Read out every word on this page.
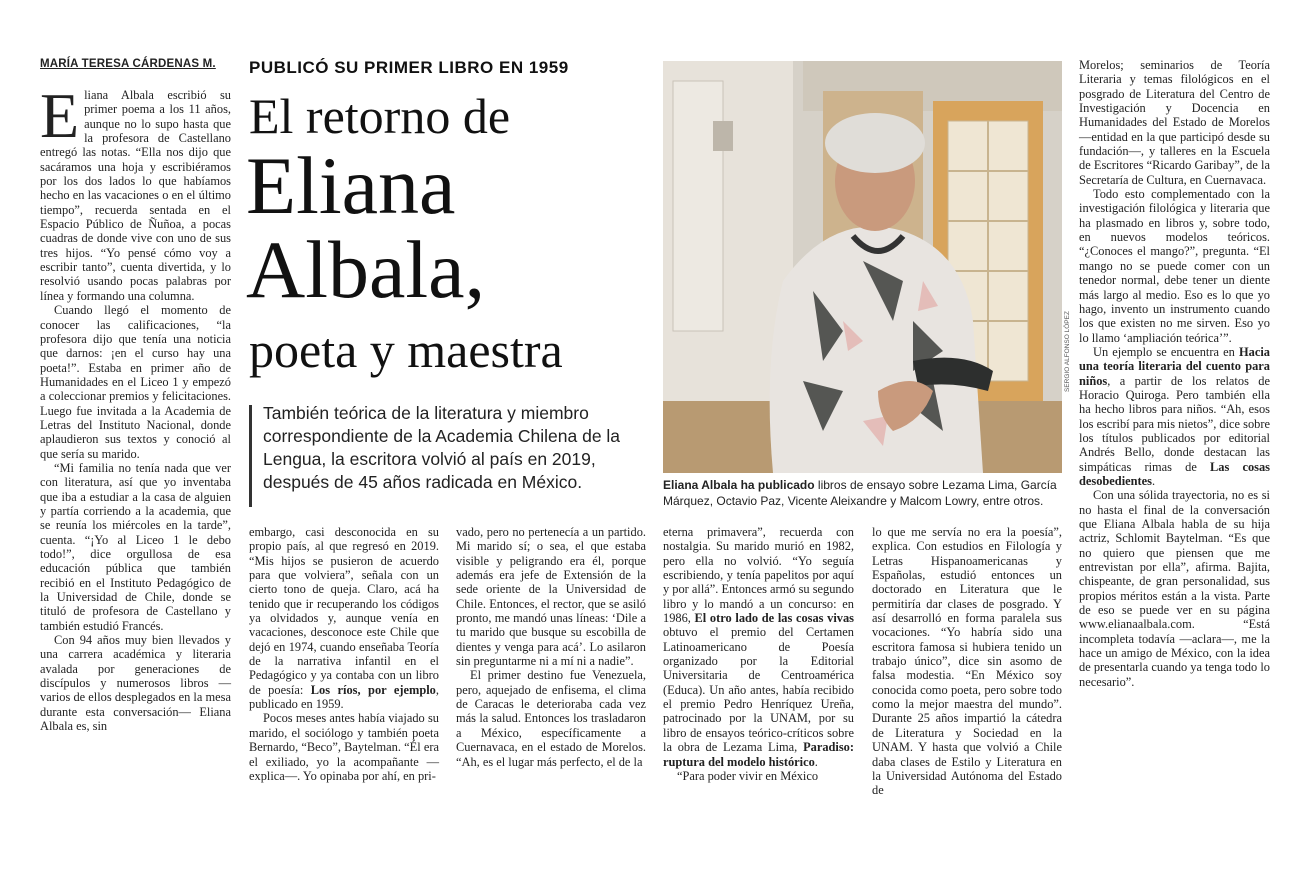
MARÍA TERESA CÁRDENAS M. PUBLICÓ SU PRIMER LIBRO EN 1959
El retorno de
Eliana
Albala,
poeta y maestra
También teórica de la literatura y miembro correspondiente de la Academia Chilena de la Lengua, la escritora volvió al país en 2019, después de 45 años radicada en México.

Eliana Albala escribió su primer poema a los 11 años, aunque no lo supo hasta que la profesora de Castellano entregó las notas. “Ella nos dijo que sacáramos una hoja y escribiéramos por los dos lados lo que habíamos hecho en las vacaciones o en el último tiempo”, recuerda sentada en el Espacio Público de Ñuñoa, a pocas cuadras de donde vive con uno de sus tres hijos. “Yo pensé cómo voy a escribir tanto”, cuenta divertida, y lo resolvió usando pocas palabras por línea y formando una columna.

Cuando llegó el momento de conocer las calificaciones, “la profesora dijo que tenía una noticia que darnos: ¡en el curso hay una poeta!”. Estaba en primer año de Humanidades en el Liceo 1 y empezó a coleccionar premios y felicitaciones. Luego fue invitada a la Academia de Letras del Instituto Nacional, donde aplaudieron sus textos y conoció al que sería su marido.

“Mi familia no tenía nada que ver con literatura, así que yo inventaba que iba a estudiar a la casa de alguien y partía corriendo a la academia, que se reunía los miércoles en la tarde”, cuenta. “¡Yo al Liceo 1 le debo todo!”, dice orgullosa de esa educación pública que también recibió en el Instituto Pedagógico de la Universidad de Chile, donde se tituló de profesora de Castellano y también estudió Francés.

Con 94 años muy bien llevados y una carrera académica y literaria avalada por generaciones de discípulos y numerosos libros —varios de ellos desplegados en la mesa durante esta conversación— Eliana Albala es, sin

embargo, casi desconocida en su propio país, al que regresó en 2019. “Mis hijos se pusieron de acuerdo para que volviera”, señala con un cierto tono de queja. Claro, acá ha tenido que ir recuperando los códigos ya olvidados y, aunque venía en vacaciones, desconoce este Chile que dejó en 1974, cuando enseñaba Teoría de la narrativa infantil en el Pedagógico y ya contaba con un libro de poesía: Los ríos, por ejemplo, publicado en 1959.

Pocos meses antes había viajado su marido, el sociólogo y también poeta Bernardo, “Beco”, Baytelman. “Él era el exiliado, yo la acompañante —explica—. Yo opinaba por ahí, en pri-

vado, pero no pertenecía a un partido. Mi marido sí; o sea, el que estaba visible y peligrando era él, porque además era jefe de Extensión de la sede oriente de la Universidad de Chile. Entonces, el rector, que se asiló pronto, me mandó unas líneas: ‘Dile a tu marido que busque su escobilla de dientes y venga para acá’. Lo asilaron sin preguntarme ni a mí ni a nadie”.

El primer destino fue Venezuela, pero, aquejado de enfisema, el clima de Caracas le deterioraba cada vez más la salud. Entonces los trasladaron a México, específicamente a Cuernavaca, en el estado de Morelos. “Ah, es el lugar más perfecto, el de la

SERGIO ALFONSO LÓPEZ
Eliana Albala ha publicado libros de ensayo sobre Lezama Lima, García Márquez, Octavio Paz, Vicente Aleixandre y Malcom Lowry, entre otros.

eterna primavera”, recuerda con nostalgia. Su marido murió en 1982, pero ella no volvió. “Yo seguía escribiendo, y tenía papelitos por aquí y por allá”. Entonces armó su segundo libro y lo mandó a un concurso: en 1986, El otro lado de las cosas vivas obtuvo el premio del Certamen Latinoamericano de Poesía organizado por la Editorial Universitaria de Centroamérica (Educa). Un año antes, había recibido el premio Pedro Henríquez Ureña, patrocinado por la UNAM, por su libro de ensayos teórico-críticos sobre la obra de Lezama Lima, Paradiso: ruptura del modelo histórico.

“Para poder vivir en México

lo que me servía no era la poesía”, explica. Con estudios en Filología y Letras Hispanoamericanas y Españolas, estudió entonces un doctorado en Literatura que le permitiría dar clases de posgrado. Y así desarrolló en forma paralela sus vocaciones. “Yo habría sido una escritora famosa si hubiera tenido un trabajo único”, dice sin asomo de falsa modestia. “En México soy conocida como poeta, pero sobre todo como la mejor maestra del mundo”. Durante 25 años impartió la cátedra de Literatura y Sociedad en la UNAM. Y hasta que volvió a Chile daba clases de Estilo y Literatura en la Universidad Autónoma del Estado de

Morelos; seminarios de Teoría Literaria y temas filológicos en el posgrado de Literatura del Centro de Investigación y Docencia en Humanidades del Estado de Morelos —entidad en la que participó desde su fundación—, y talleres en la Escuela de Escritores “Ricardo Garibay”, de la Secretaría de Cultura, en Cuernavaca.

Todo esto complementado con la investigación filológica y literaria que ha plasmado en libros y, sobre todo, en nuevos modelos teóricos. “¿Conoces el mango?”, pregunta. “El mango no se puede comer con un tenedor normal, debe tener un diente más largo al medio. Eso es lo que yo hago, invento un instrumento cuando los que existen no me sirven. Eso yo lo llamo ‘ampliación teórica’”.

Un ejemplo se encuentra en Hacia una teoría literaria del cuento para niños, a partir de los relatos de Horacio Quiroga. Pero también ella ha hecho libros para niños. “Ah, esos los escribí para mis nietos”, dice sobre los títulos publicados por editorial Andrés Bello, donde destacan las simpáticas rimas de Las cosas desobedientes.

Con una sólida trayectoria, no es si no hasta el final de la conversación que Eliana Albala habla de su hija actriz, Schlomit Baytelman. “Es que no quiero que piensen que me entrevistan por ella”, afirma. Bajita, chispeante, de gran personalidad, sus propios méritos están a la vista. Parte de eso se puede ver en su página www.elianaalbala.com. “Está incompleta todavía —aclara—, me la hace un amigo de México, con la idea de presentarla cuando ya tenga todo lo necesario”.
